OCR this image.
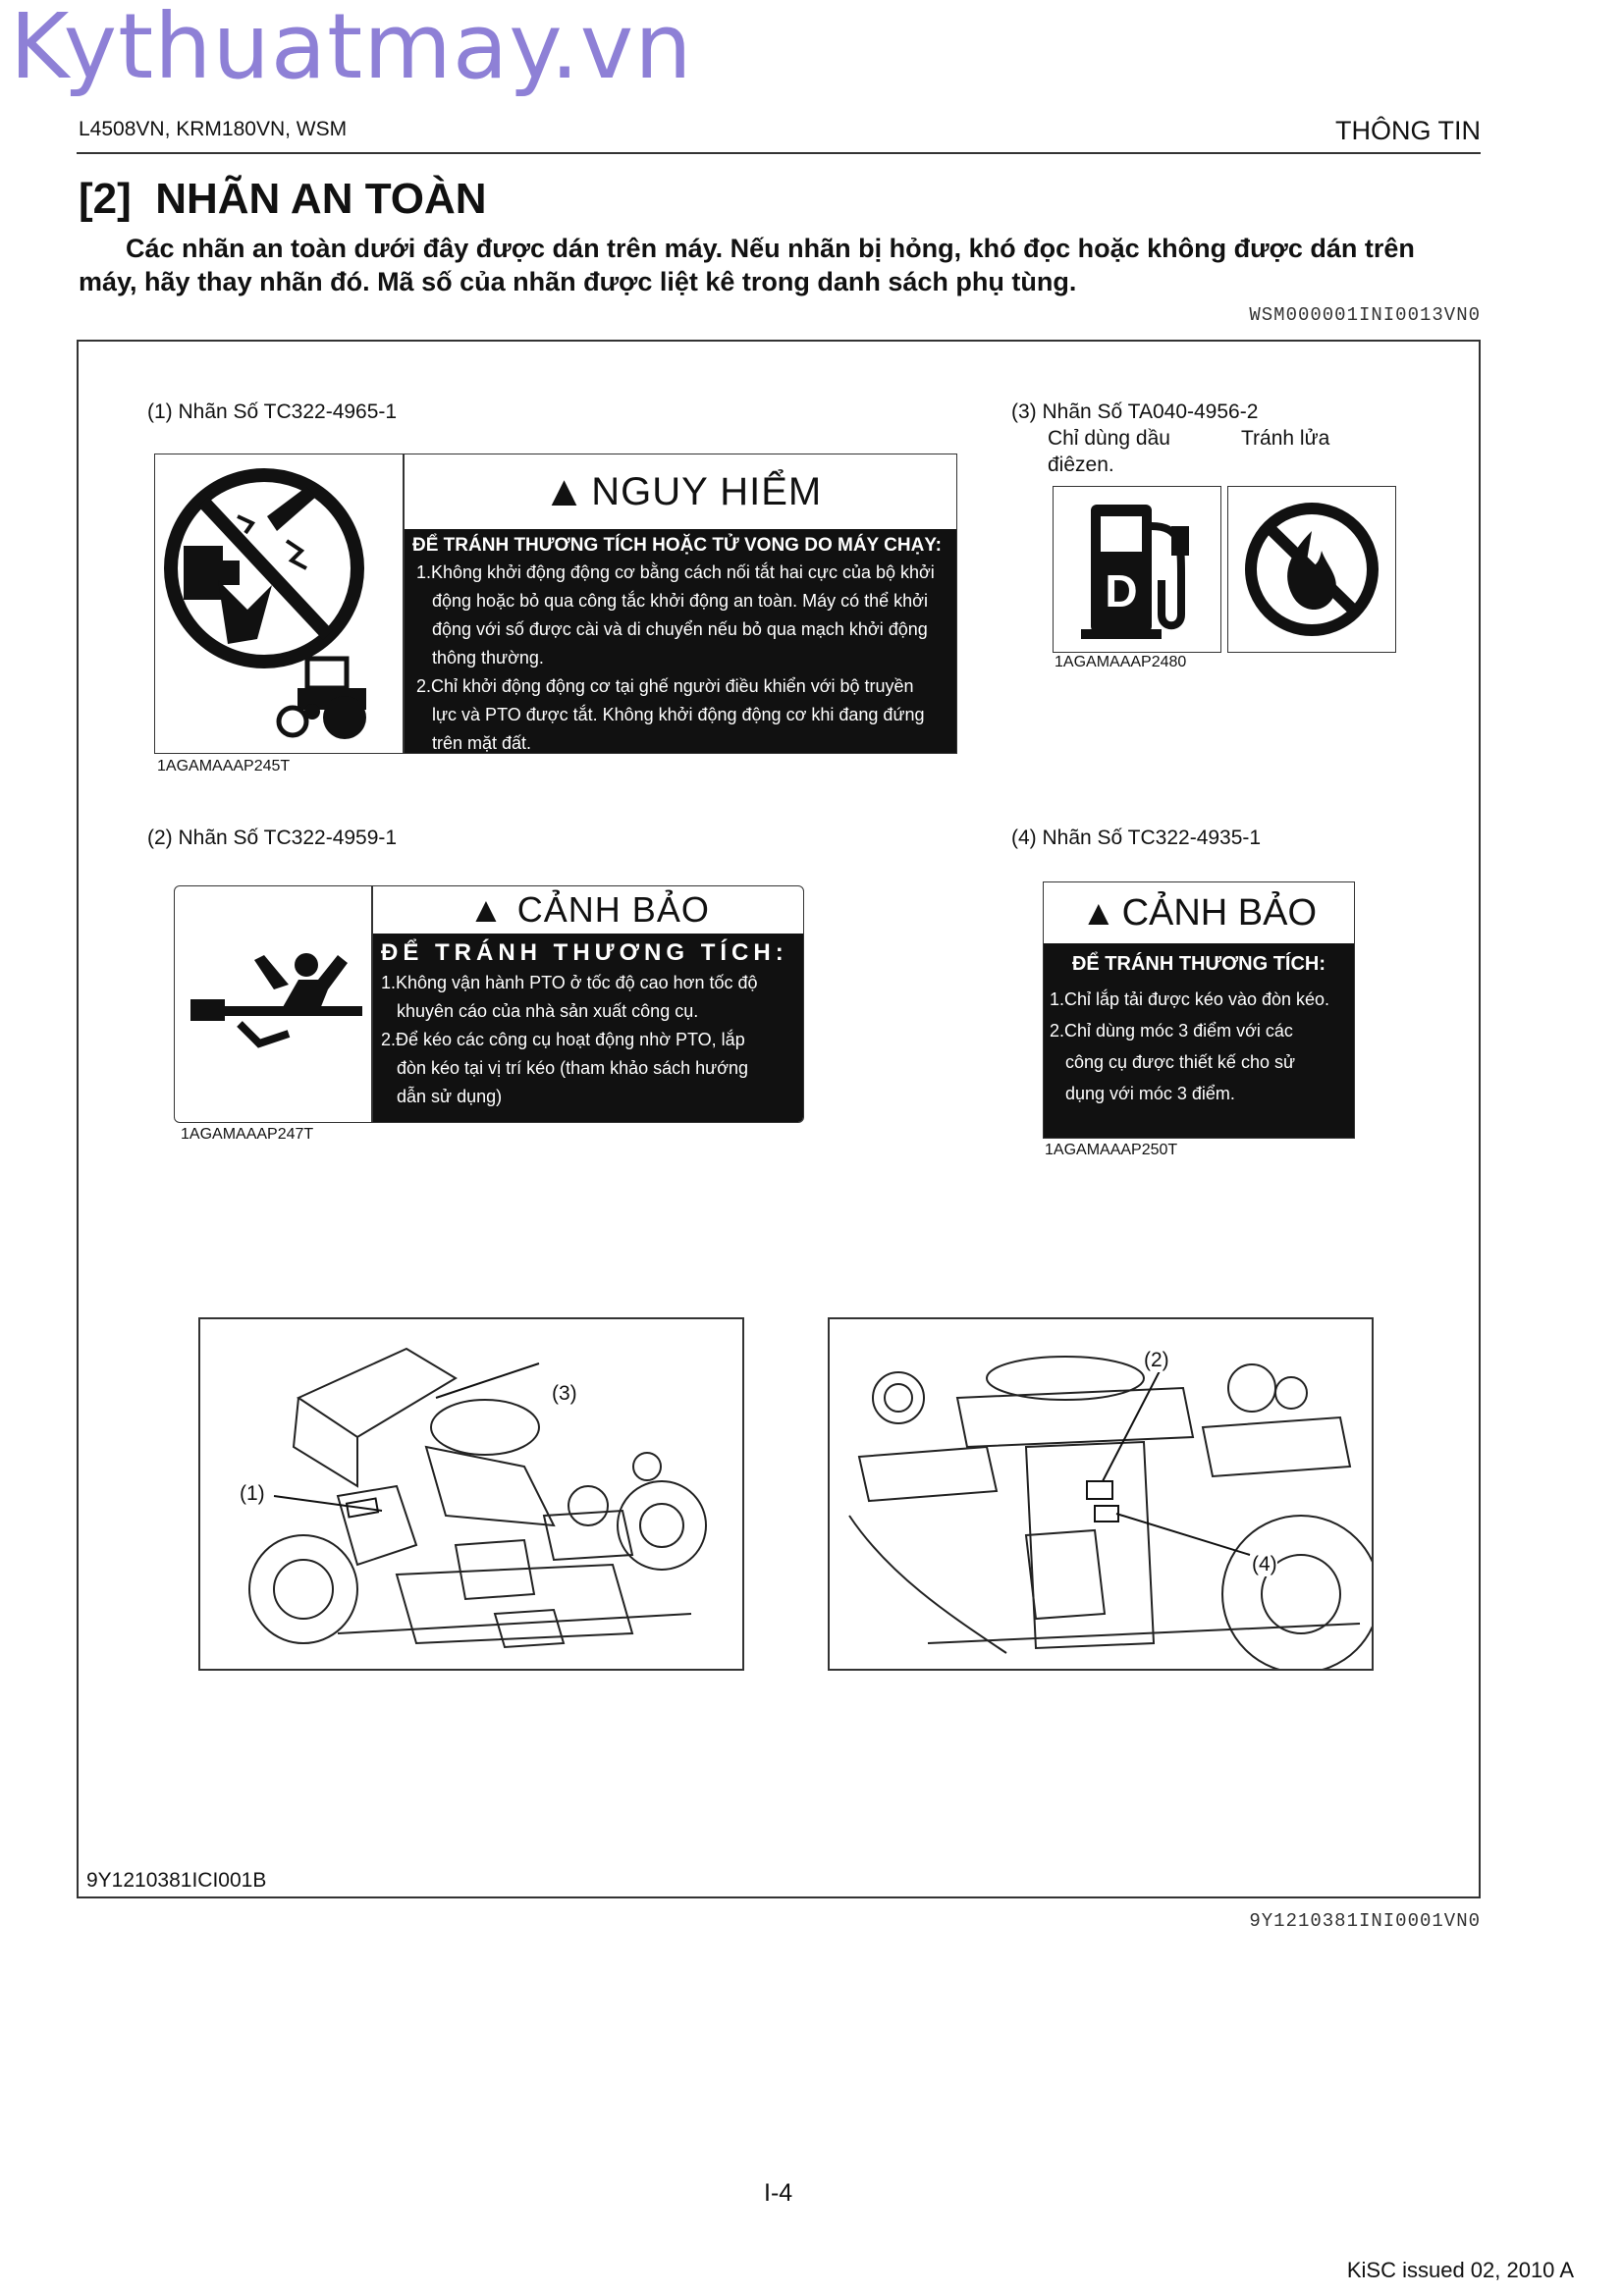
Kythuatmay.vn
L4508VN, KRM180VN, WSM	THÔNG TIN
[2] NHÃN AN TOÀN
Các nhãn an toàn dưới đây được dán trên máy. Nếu nhãn bị hỏng, khó đọc hoặc không được dán trên
máy, hãy thay nhãn đó. Mã số của nhãn được liệt kê trong danh sách phụ tùng.
WSM000001INI0013VN0
(1) Nhãn Số TC322-4965-1
▲ NGUY HIỂM
ĐỂ TRÁNH THƯƠNG TÍCH HOẶC TỬ VONG DO MÁY CHẠY:
1.Không khởi động động cơ bằng cách nối tắt hai cực của bộ khởi
động hoặc bỏ qua công tắc khởi động an toàn. Máy có thể khởi
động với số được cài và di chuyển nếu bỏ qua mạch khởi động
thông thường.
2.Chỉ khởi động động cơ tại ghế người điều khiển với bộ truyền
lực và PTO được tắt. Không khởi động động cơ khi đang đứng
trên mặt đất.
1AGAMAAAP245T
(3) Nhãn Số TA040-4956-2
Chỉ dùng dầu
điêzen.
Tránh lửa
D
1AGAMAAAP2480
(2) Nhãn Số TC322-4959-1
▲ CẢNH BẢO
ĐỂ TRÁNH THƯƠNG TÍCH:
1.Không vận hành PTO ở tốc độ cao hơn tốc độ
khuyên cáo của nhà sản xuất công cụ.
2.Để kéo các công cụ hoạt động nhờ PTO, lắp
đòn kéo tại vị trí kéo (tham khảo sách hướng
dẫn sử dụng)
1AGAMAAAP247T
(4) Nhãn Số TC322-4935-1
▲ CẢNH BẢO
ĐỂ TRÁNH THƯƠNG TÍCH:
1.Chỉ lắp tải được kéo vào đòn kéo.
2.Chỉ dùng móc 3 điểm với các
công cụ được thiết kế cho sử
dụng với móc 3 điểm.
1AGAMAAAP250T
(1)
(3)
(2)
(4)
9Y1210381ICI001B
9Y1210381INI0001VN0
I-4
KiSC issued 02, 2010 A
